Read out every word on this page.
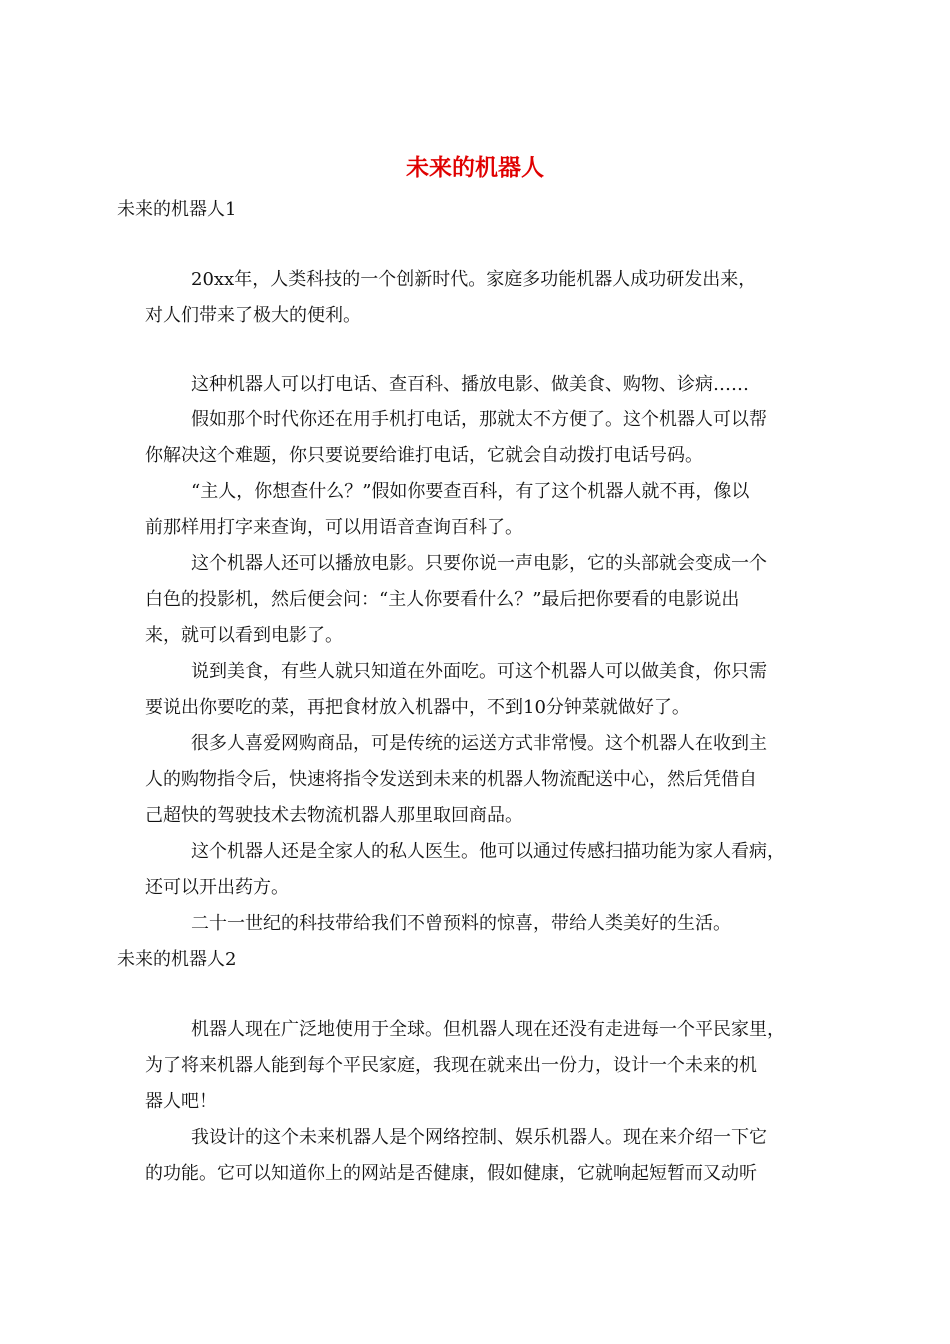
未来的机器人
未来的机器人1
20xx年，人类科技的一个创新时代。家庭多功能机器人成功研发出来，
对人们带来了极大的便利。
这种机器人可以打电话、查百科、播放电影、做美食、购物、诊病……
假如那个时代你还在用手机打电话，那就太不方便了。这个机器人可以帮
你解决这个难题，你只要说要给谁打电话，它就会自动拨打电话号码。
“主人，你想查什么？”假如你要查百科，有了这个机器人就不再，像以
前那样用打字来查询，可以用语音查询百科了。
这个机器人还可以播放电影。只要你说一声电影，它的头部就会变成一个
白色的投影机，然后便会问：“主人你要看什么？”最后把你要看的电影说出
来，就可以看到电影了。
说到美食，有些人就只知道在外面吃。可这个机器人可以做美食，你只需
要说出你要吃的菜，再把食材放入机器中，不到10分钟菜就做好了。
很多人喜爱网购商品，可是传统的运送方式非常慢。这个机器人在收到主
人的购物指令后，快速将指令发送到未来的机器人物流配送中心，然后凭借自
己超快的驾驶技术去物流机器人那里取回商品。
这个机器人还是全家人的私人医生。他可以通过传感扫描功能为家人看病，
还可以开出药方。
二十一世纪的科技带给我们不曾预料的惊喜，带给人类美好的生活。
未来的机器人2
机器人现在广泛地使用于全球。但机器人现在还没有走进每一个平民家里，
为了将来机器人能到每个平民家庭，我现在就来出一份力，设计一个未来的机
器人吧！
我设计的这个未来机器人是个网络控制、娱乐机器人。现在来介绍一下它
的功能。它可以知道你上的网站是否健康，假如健康，它就响起短暂而又动听
